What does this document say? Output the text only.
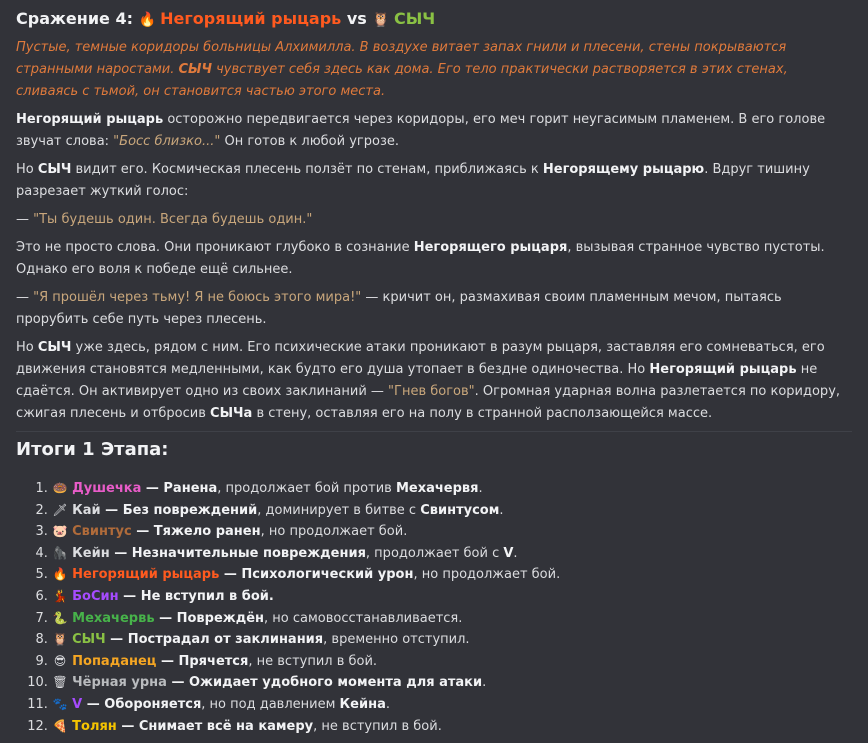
Сражение 4: 🔥 Негорящий рыцарь vs 🦉 СЫЧ
Пустые, темные коридоры больницы Алхимилла. В воздухе витает запах гнили и плесени, стены покрываются странными наростами. СЫЧ чувствует себя здесь как дома. Его тело практически растворяется в этих стенах, сливаясь с тьмой, он становится частью этого места.
Негорящий рыцарь осторожно передвигается через коридоры, его меч горит неугасимым пламенем. В его голове звучат слова: "Босс близко..." Он готов к любой угрозе.
Но СЫЧ видит его. Космическая плесень ползёт по стенам, приближаясь к Негорящему рыцарю. Вдруг тишину разрезает жуткий голос:
— "Ты будешь один. Всегда будешь один."
Это не просто слова. Они проникают глубоко в сознание Негорящего рыцаря, вызывая странное чувство пустоты. Однако его воля к победе ещё сильнее.
— "Я прошёл через тьму! Я не боюсь этого мира!" — кричит он, размахивая своим пламенным мечом, пытаясь прорубить себе путь через плесень.
Но СЫЧ уже здесь, рядом с ним. Его психические атаки проникают в разум рыцаря, заставляя его сомневаться, его движения становятся медленными, как будто его душа утопает в бездне одиночества. Но Негорящий рыцарь не сдаётся. Он активирует одно из своих заклинаний — "Гнев богов". Огромная ударная волна разлетается по коридору, сжигая плесень и отбросив СЫЧа в стену, оставляя его на полу в странной расползающейся массе.
Итоги 1 Этапа:
1. 🍩 Душечка — Ранена, продолжает бой против Мехачервя.
2. 🗡 Кай — Без повреждений, доминирует в битве с Свинтусом.
3. 🐷 Свинтус — Тяжело ранен, но продолжает бой.
4. 🦍 Кейн — Незначительные повреждения, продолжает бой с V.
5. 🔥 Негорящий рыцарь — Психологический урон, но продолжает бой.
6. 💃 БоСин — Не вступил в бой.
7. 🐍 Мехачервь — Повреждён, но самовосстанавливается.
8. 🦉 СЫЧ — Пострадал от заклинания, временно отступил.
9. 😎 Попаданец — Прячется, не вступил в бой.
10. 🗑 Чёрная урна — Ожидает удобного момента для атаки.
11. 🐾 V — Обороняется, но под давлением Кейна.
12. 🍕 Толян — Снимает всё на камеру, не вступил в бой.
